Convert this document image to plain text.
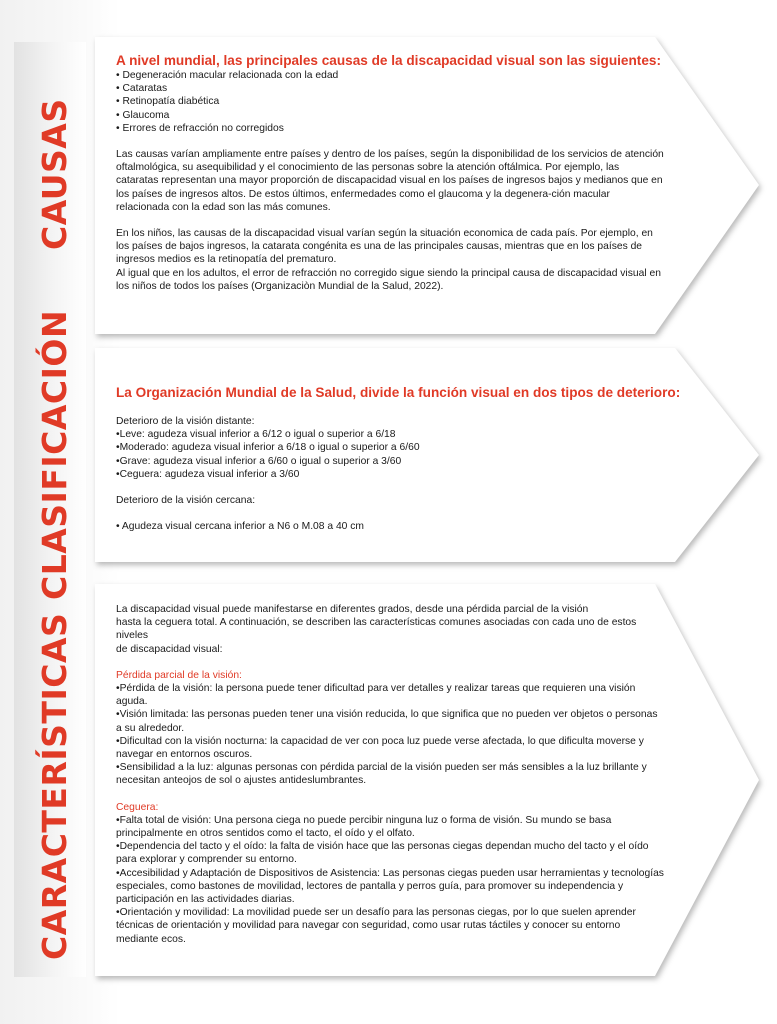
CAUSAS
CLASIFICACIÓN
CARACTERÍSTICAS
A nivel mundial, las principales causas de la discapacidad visual son las siguientes:
• Degeneración macular relacionada con la edad
• Cataratas
• Retinopatía diabética
• Glaucoma
• Errores de refracción no corregidos

Las causas varían ampliamente entre países y dentro de los países, según la disponibilidad de los servicios de atención oftalmológica, su asequibilidad y el conocimiento de las personas sobre la atención oftálmica. Por ejemplo, las cataratas representan una mayor proporción de discapacidad visual en los países de ingresos bajos y medianos que en los países de ingresos altos. De estos últimos, enfermedades como el glaucoma y la degenera-ción macular relacionada con la edad son las más comunes.

En los niños, las causas de la discapacidad visual varían según la situación economica de cada país. Por ejemplo, en los países de bajos ingresos, la catarata congénita es una de las principales causas, mientras que en los países de ingresos medios es la retinopatía del prematuro.

Al igual que en los adultos, el error de refracción no corregido sigue siendo la principal causa de discapacidad visual en los niños de todos los países (Organizaciòn Mundial de la Salud, 2022).

La Organización Mundial de la Salud, divide la función visual en dos tipos de deterioro:

Deterioro de la visión distante:

•Leve: agudeza visual inferior a 6/12 o igual o superior a 6/18
•Moderado: agudeza visual inferior a 6/18 o igual o superior a 6/60
•Grave: agudeza visual inferior a 6/60 o igual o superior a 3/60
•Ceguera: agudeza visual inferior a 3/60

Deterioro de la visión cercana:

• Agudeza visual cercana inferior a N6 o M.08 a 40 cm

La discapacidad visual puede manifestarse en diferentes grados, desde una pérdida parcial de la visión

hasta la ceguera total. A continuación, se describen las características comunes asociadas con cada uno de estos niveles

de discapacidad visual:

Pérdida parcial de la visión:

•Pérdida de la visión: la persona puede tener dificultad para ver detalles y realizar tareas que requieren una visión aguda.
•Visión limitada: las personas pueden tener una visión reducida, lo que significa que no pueden ver objetos o personas a su alrededor.
•Dificultad con la visión nocturna: la capacidad de ver con poca luz puede verse afectada, lo que dificulta moverse y navegar en entornos oscuros.
•Sensibilidad a la luz: algunas personas con pérdida parcial de la visión pueden ser más sensibles a la luz brillante y necesitan anteojos de sol o ajustes antideslumbrantes.

Ceguera:

•Falta total de visión: Una persona ciega no puede percibir ninguna luz o forma de visión. Su mundo se basa principalmente en otros sentidos como el tacto, el oído y el olfato.
•Dependencia del tacto y el oído: la falta de visión hace que las personas ciegas dependan mucho del tacto y el oído para explorar y comprender su entorno.
•Accesibilidad y Adaptación de Dispositivos de Asistencia: Las personas ciegas pueden usar herramientas y tecnologías especiales, como bastones de movilidad, lectores de pantalla y perros guía, para promover su independencia y participación en las actividades diarias.
•Orientación y movilidad: La movilidad puede ser un desafío para las personas ciegas, por lo que suelen aprender técnicas de orientación y movilidad para navegar con seguridad, como usar rutas táctiles y conocer su entorno mediante ecos.
